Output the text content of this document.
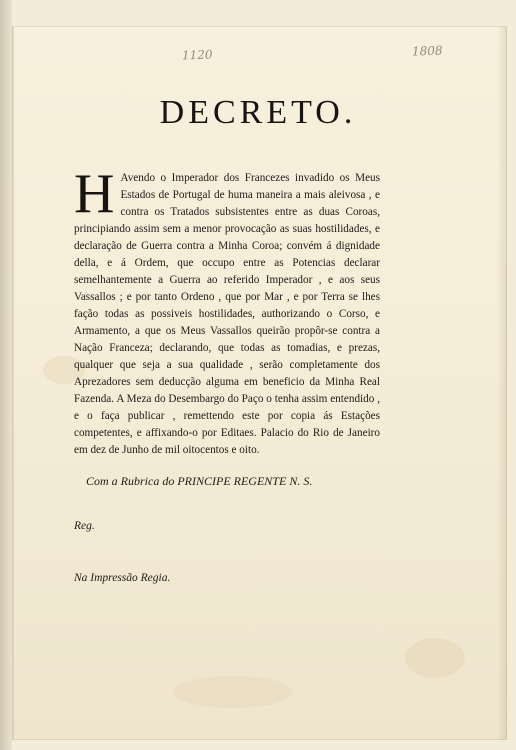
1120	1808
DECRETO.
H Avendo o Imperador dos Francezes invadido os Meus Estados de Portugal de huma maneira a mais aleivosa , e contra os Tratados subsistentes entre as duas Coroas, principiando assim sem a menor provocação as suas hostilidades, e declaração de Guerra contra a Minha Coroa; convém á dignidade della, e á Ordem, que occupo entre as Potencias declarar semelhantemente a Guerra ao referido Imperador , e aos seus Vassallos ; e por tanto Ordeno , que por Mar , e por Terra se lhes fação todas as possiveis hostilidades, authorizando o Corso, e Armamento, a que os Meus Vassallos queirão propôr-se contra a Nação Franceza; declarando, que todas as tomadias, e prezas, qualquer que seja a sua qualidade , serão completamente dos Aprezadores sem deducção alguma em beneficio da Minha Real Fazenda. A Meza do Desembargo do Paço o tenha assim entendido , e o faça publicar , remettendo este por copia ás Estações competentes, e affixando-o por Editaes. Palacio do Rio de Janeiro em dez de Junho de mil oitocentos e oito.
Com a Rubrica do PRINCIPE REGENTE N. S.
Reg.
Na Impressão Regia.
